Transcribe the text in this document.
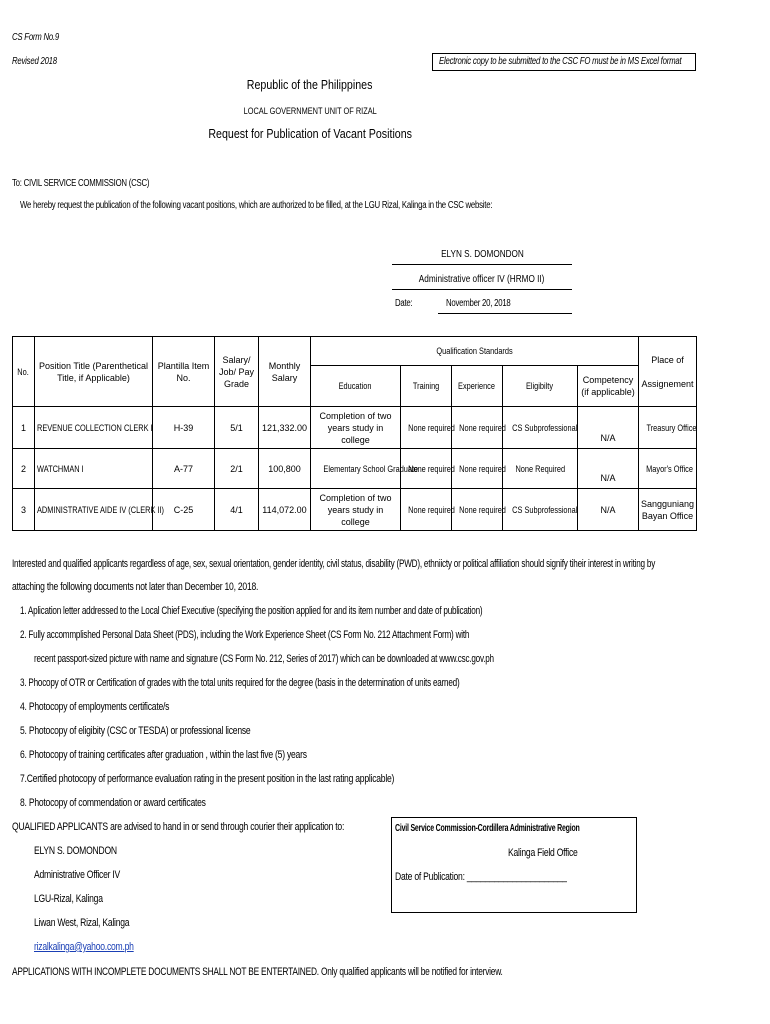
CS Form No.9
Revised 2018	Electronic copy to be submitted to the CSC FO must be in MS Excel format
Republic of the Philippines
LOCAL GOVERNMENT UNIT OF RIZAL
Request for Publication of Vacant Positions
To: CIVIL SERVICE COMMISSION (CSC)
We hereby request the publication of the following vacant positions, which are authorized to be filled, at the LGU Rizal, Kalinga in the CSC website:
ELYN S. DOMONDON
Administrative officer IV (HRMO II)
Date:	November 20, 2018
No.	Position Title (Parenthetical Title, if Applicable)	Plantilla Item No.	Salary/ Job/ Pay Grade	Monthly Salary	Qualification Standards					Place of Assignement
					Education	Training	Experience	Eligibilty	Competency (if applicable)	
1	REVENUE COLLECTION CLERK I	H-39	5/1	121,332.00	Completion of two years study in college	None required	None required	CS Subprofessional	N/A	Treasury Office
2	WATCHMAN I	A-77	2/1	100,800	Elementary School Graduate	None required	None required	None Required	N/A	Mayor's Office
3	ADMINISTRATIVE AIDE IV (CLERK II)	C-25	4/1	114,072.00	Completion of two years study in college	None required	None required	CS Subprofessional	N/A	Sangguniang Bayan Office
Interested and qualified applicants regardless of age, sex, sexual orientation, gender identity, civil status, disability (PWD), ethniicty or political affiliation should signify tiheir interest in writing by
attaching the following documents not later than December 10, 2018.
1. Aplication letter addressed to the Local Chief Executive (specifying the position applied for and its item number and date of publication)
2. Fully accommplished Personal Data Sheet (PDS), including the Work Experience Sheet (CS Form No. 212 Attachment Form) with
recent passport-sized picture with name and signature (CS Form No. 212, Series of 2017) which can be downloaded at www.csc.gov.ph
3. Phocopy of OTR or Certification of grades with the total units required for the degree (basis in the determination of units earned)
4. Photocopy of employments certificate/s
5. Photocopy of eligibity (CSC or TESDA) or professional license
6. Photocopy of training certificates after graduation , within the last five (5) years
7.Certified photocopy of performance evaluation rating in the present position in the last rating applicable)
8. Photocopy of commendation or award certificates
QUALIFIED APPLICANTS are advised to hand in or send through courier their application to:
ELYN S. DOMONDON
Administrative Officer IV
LGU-Rizal, Kalinga
Liwan West, Rizal, Kalinga
rizalkalinga@yahoo.com.ph
Civil Service Commission-Cordillera Administrative Region
Kalinga Field Office
Date of Publication: ______________________
APPLICATIONS WITH INCOMPLETE DOCUMENTS SHALL NOT BE ENTERTAINED. Only qualified applicants will be notified for interview.
